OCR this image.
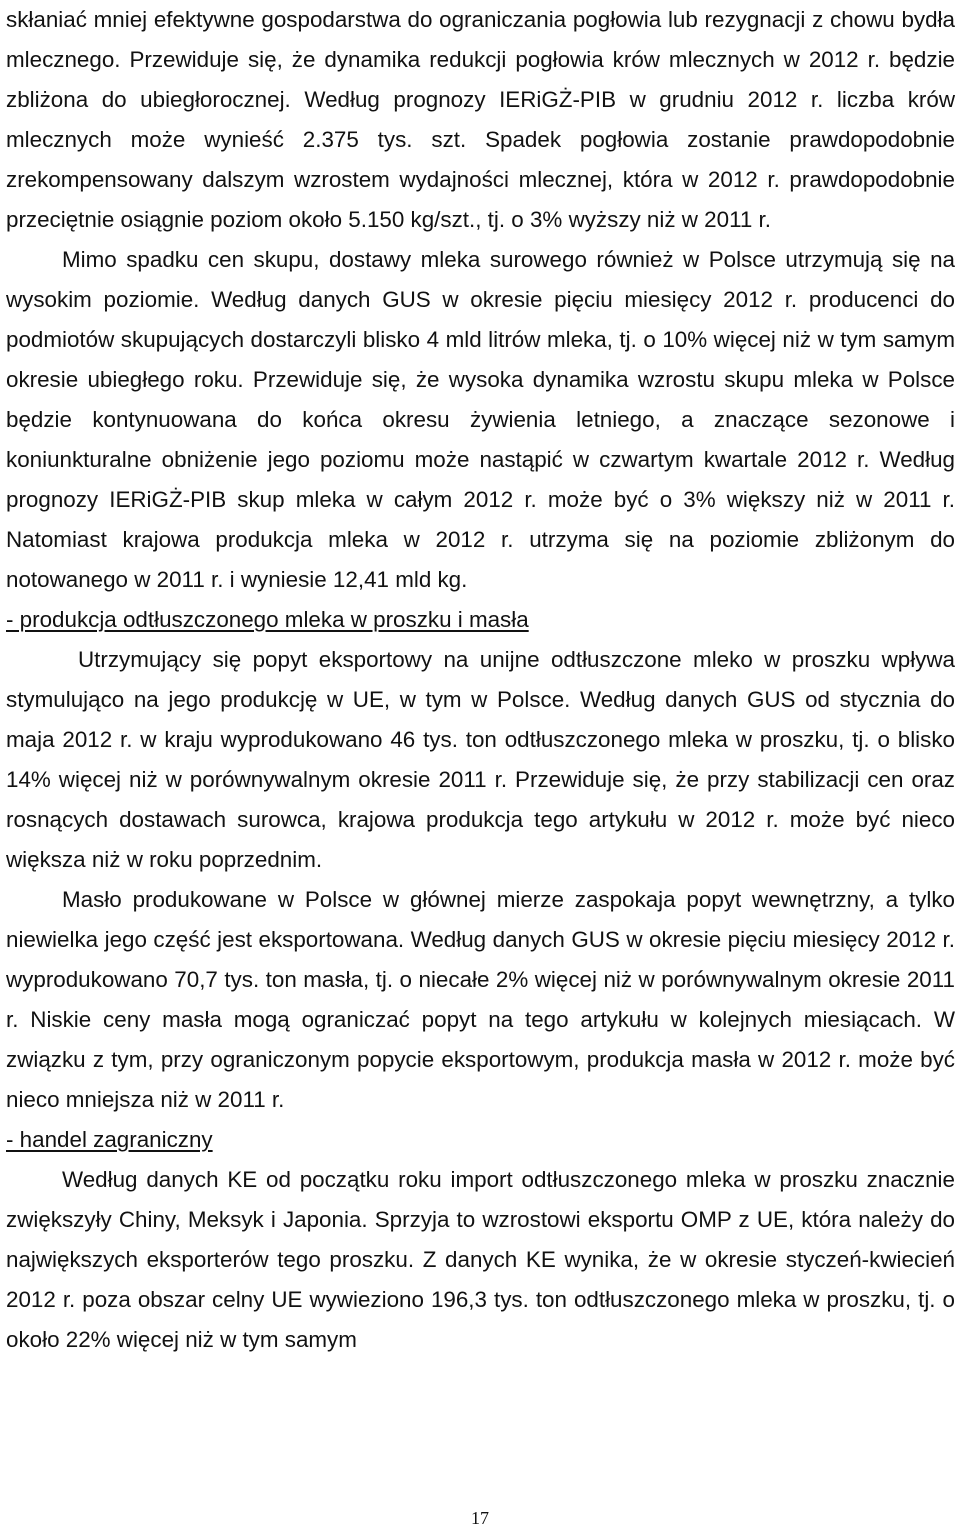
skłaniać mniej efektywne gospodarstwa do ograniczania pogłowia lub rezygnacji z chowu bydła mlecznego. Przewiduje się, że dynamika redukcji pogłowia krów mlecznych w 2012 r. będzie zbliżona do ubiegłorocznej. Według prognozy IERiGŻ-PIB w grudniu 2012 r. liczba krów mlecznych może wynieść 2.375 tys. szt. Spadek pogłowia zostanie prawdopodobnie zrekompensowany dalszym wzrostem wydajności mlecznej, która w 2012 r. prawdopodobnie przeciętnie osiągnie poziom około 5.150 kg/szt., tj. o 3% wyższy niż w 2011 r.

Mimo spadku cen skupu, dostawy mleka surowego również w Polsce utrzymują się na wysokim poziomie. Według danych GUS w okresie pięciu miesięcy 2012 r. producenci do podmiotów skupujących dostarczyli blisko 4 mld litrów mleka, tj. o 10% więcej niż w tym samym okresie ubiegłego roku. Przewiduje się, że wysoka dynamika wzrostu skupu mleka w Polsce będzie kontynuowana do końca okresu żywienia letniego, a znaczące sezonowe i koniunkturalne obniżenie jego poziomu może nastąpić w czwartym kwartale 2012 r. Według prognozy IERiGŻ-PIB skup mleka w całym 2012 r. może być o 3% większy niż w 2011 r. Natomiast krajowa produkcja mleka w 2012 r. utrzyma się na poziomie zbliżonym do notowanego w 2011 r. i wyniesie 12,41 mld kg.

- produkcja odtłuszczonego mleka w proszku i masła

Utrzymujący się popyt eksportowy na unijne odtłuszczone mleko w proszku wpływa stymulująco na jego produkcję w UE, w tym w Polsce. Według danych GUS od stycznia do maja 2012 r. w kraju wyprodukowano 46 tys. ton odtłuszczonego mleka w proszku, tj. o blisko 14% więcej niż w porównywalnym okresie 2011 r. Przewiduje się, że przy stabilizacji cen oraz rosnących dostawach surowca, krajowa produkcja tego artykułu w 2012 r. może być nieco większa niż w roku poprzednim.

Masło produkowane w Polsce w głównej mierze zaspokaja popyt wewnętrzny, a tylko niewielka jego część jest eksportowana. Według danych GUS w okresie pięciu miesięcy 2012 r. wyprodukowano 70,7 tys. ton masła, tj. o niecałe 2% więcej niż w porównywalnym okresie 2011 r. Niskie ceny masła mogą ograniczać popyt na tego artykułu w kolejnych miesiącach. W związku z tym, przy ograniczonym popycie eksportowym, produkcja masła w 2012 r. może być nieco mniejsza niż w 2011 r.

- handel zagraniczny

Według danych KE od początku roku import odtłuszczonego mleka w proszku znacznie zwiększyły Chiny, Meksyk i Japonia. Sprzyja to wzrostowi eksportu OMP z UE, która należy do największych eksporterów tego proszku. Z danych KE wynika, że w okresie styczeń-kwiecień 2012 r. poza obszar celny UE wywieziono 196,3 tys. ton odtłuszczonego mleka w proszku, tj. o około 22% więcej niż w tym samym

17
